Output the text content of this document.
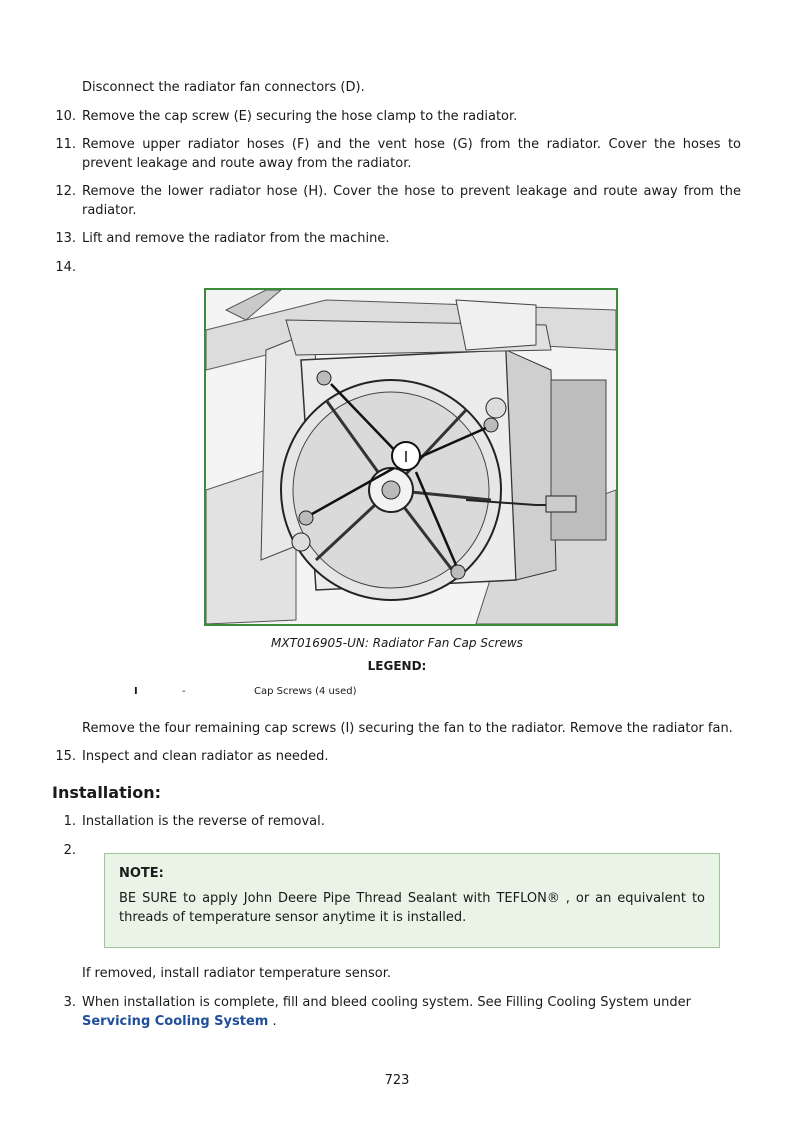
Disconnect the radiator fan connectors (D).
10. Remove the cap screw (E) securing the hose clamp to the radiator.
11. Remove upper radiator hoses (F) and the vent hose (G) from the radiator. Cover the hoses to prevent leakage and route away from the radiator.
12. Remove the lower radiator hose (H). Cover the hose to prevent leakage and route away from the radiator.
13. Lift and remove the radiator from the machine.
14.
I
MXT016905-UN: Radiator Fan Cap Screws
LEGEND:
I	-	Cap Screws (4 used)
Remove the four remaining cap screws (I) securing the fan to the radiator. Remove the radiator fan.
15. Inspect and clean radiator as needed.
Installation:
1. Installation is the reverse of removal.
2.
NOTE:
BE SURE to apply John Deere Pipe Thread Sealant with TEFLON® , or an equivalent to threads of temperature sensor anytime it is installed.
If removed, install radiator temperature sensor.
3. When installation is complete, fill and bleed cooling system. See Filling Cooling System under Servicing Cooling System .
723
